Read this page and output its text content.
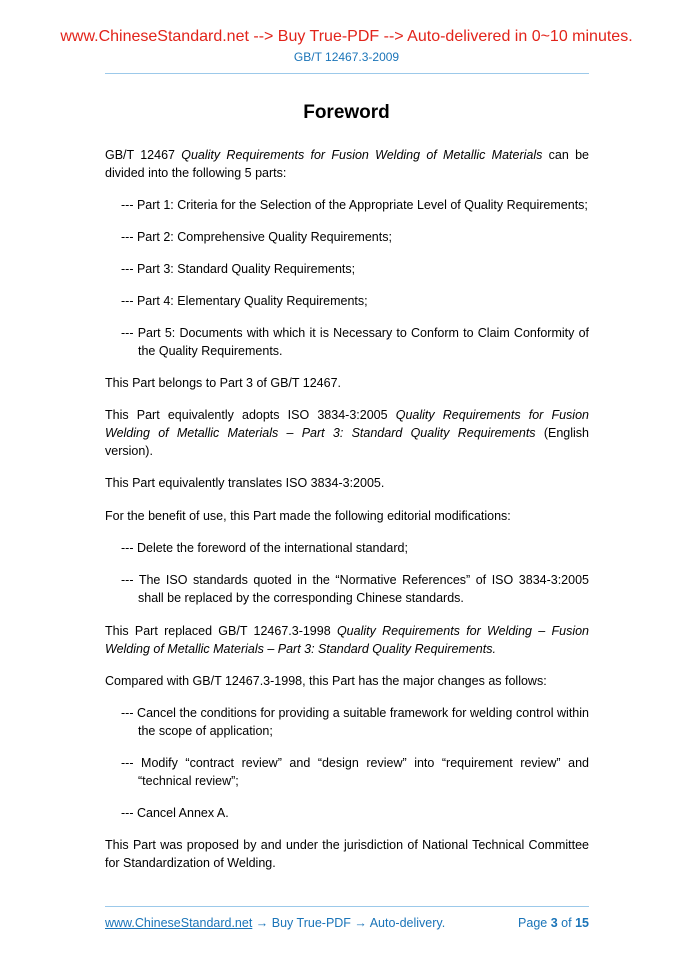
www.ChineseStandard.net --> Buy True-PDF --> Auto-delivered in 0~10 minutes.
GB/T 12467.3-2009
Foreword
GB/T 12467 Quality Requirements for Fusion Welding of Metallic Materials can be divided into the following 5 parts:
--- Part 1: Criteria for the Selection of the Appropriate Level of Quality Requirements;
--- Part 2: Comprehensive Quality Requirements;
--- Part 3: Standard Quality Requirements;
--- Part 4: Elementary Quality Requirements;
--- Part 5: Documents with which it is Necessary to Conform to Claim Conformity of the Quality Requirements.
This Part belongs to Part 3 of GB/T 12467.
This Part equivalently adopts ISO 3834-3:2005 Quality Requirements for Fusion Welding of Metallic Materials – Part 3: Standard Quality Requirements (English version).
This Part equivalently translates ISO 3834-3:2005.
For the benefit of use, this Part made the following editorial modifications:
--- Delete the foreword of the international standard;
--- The ISO standards quoted in the “Normative References” of ISO 3834-3:2005 shall be replaced by the corresponding Chinese standards.
This Part replaced GB/T 12467.3-1998 Quality Requirements for Welding – Fusion Welding of Metallic Materials – Part 3: Standard Quality Requirements.
Compared with GB/T 12467.3-1998, this Part has the major changes as follows:
--- Cancel the conditions for providing a suitable framework for welding control within the scope of application;
--- Modify “contract review” and “design review” into “requirement review” and “technical review”;
--- Cancel Annex A.
This Part was proposed by and under the jurisdiction of National Technical Committee for Standardization of Welding.
www.ChineseStandard.net → Buy True-PDF → Auto-delivery.	Page 3 of 15
